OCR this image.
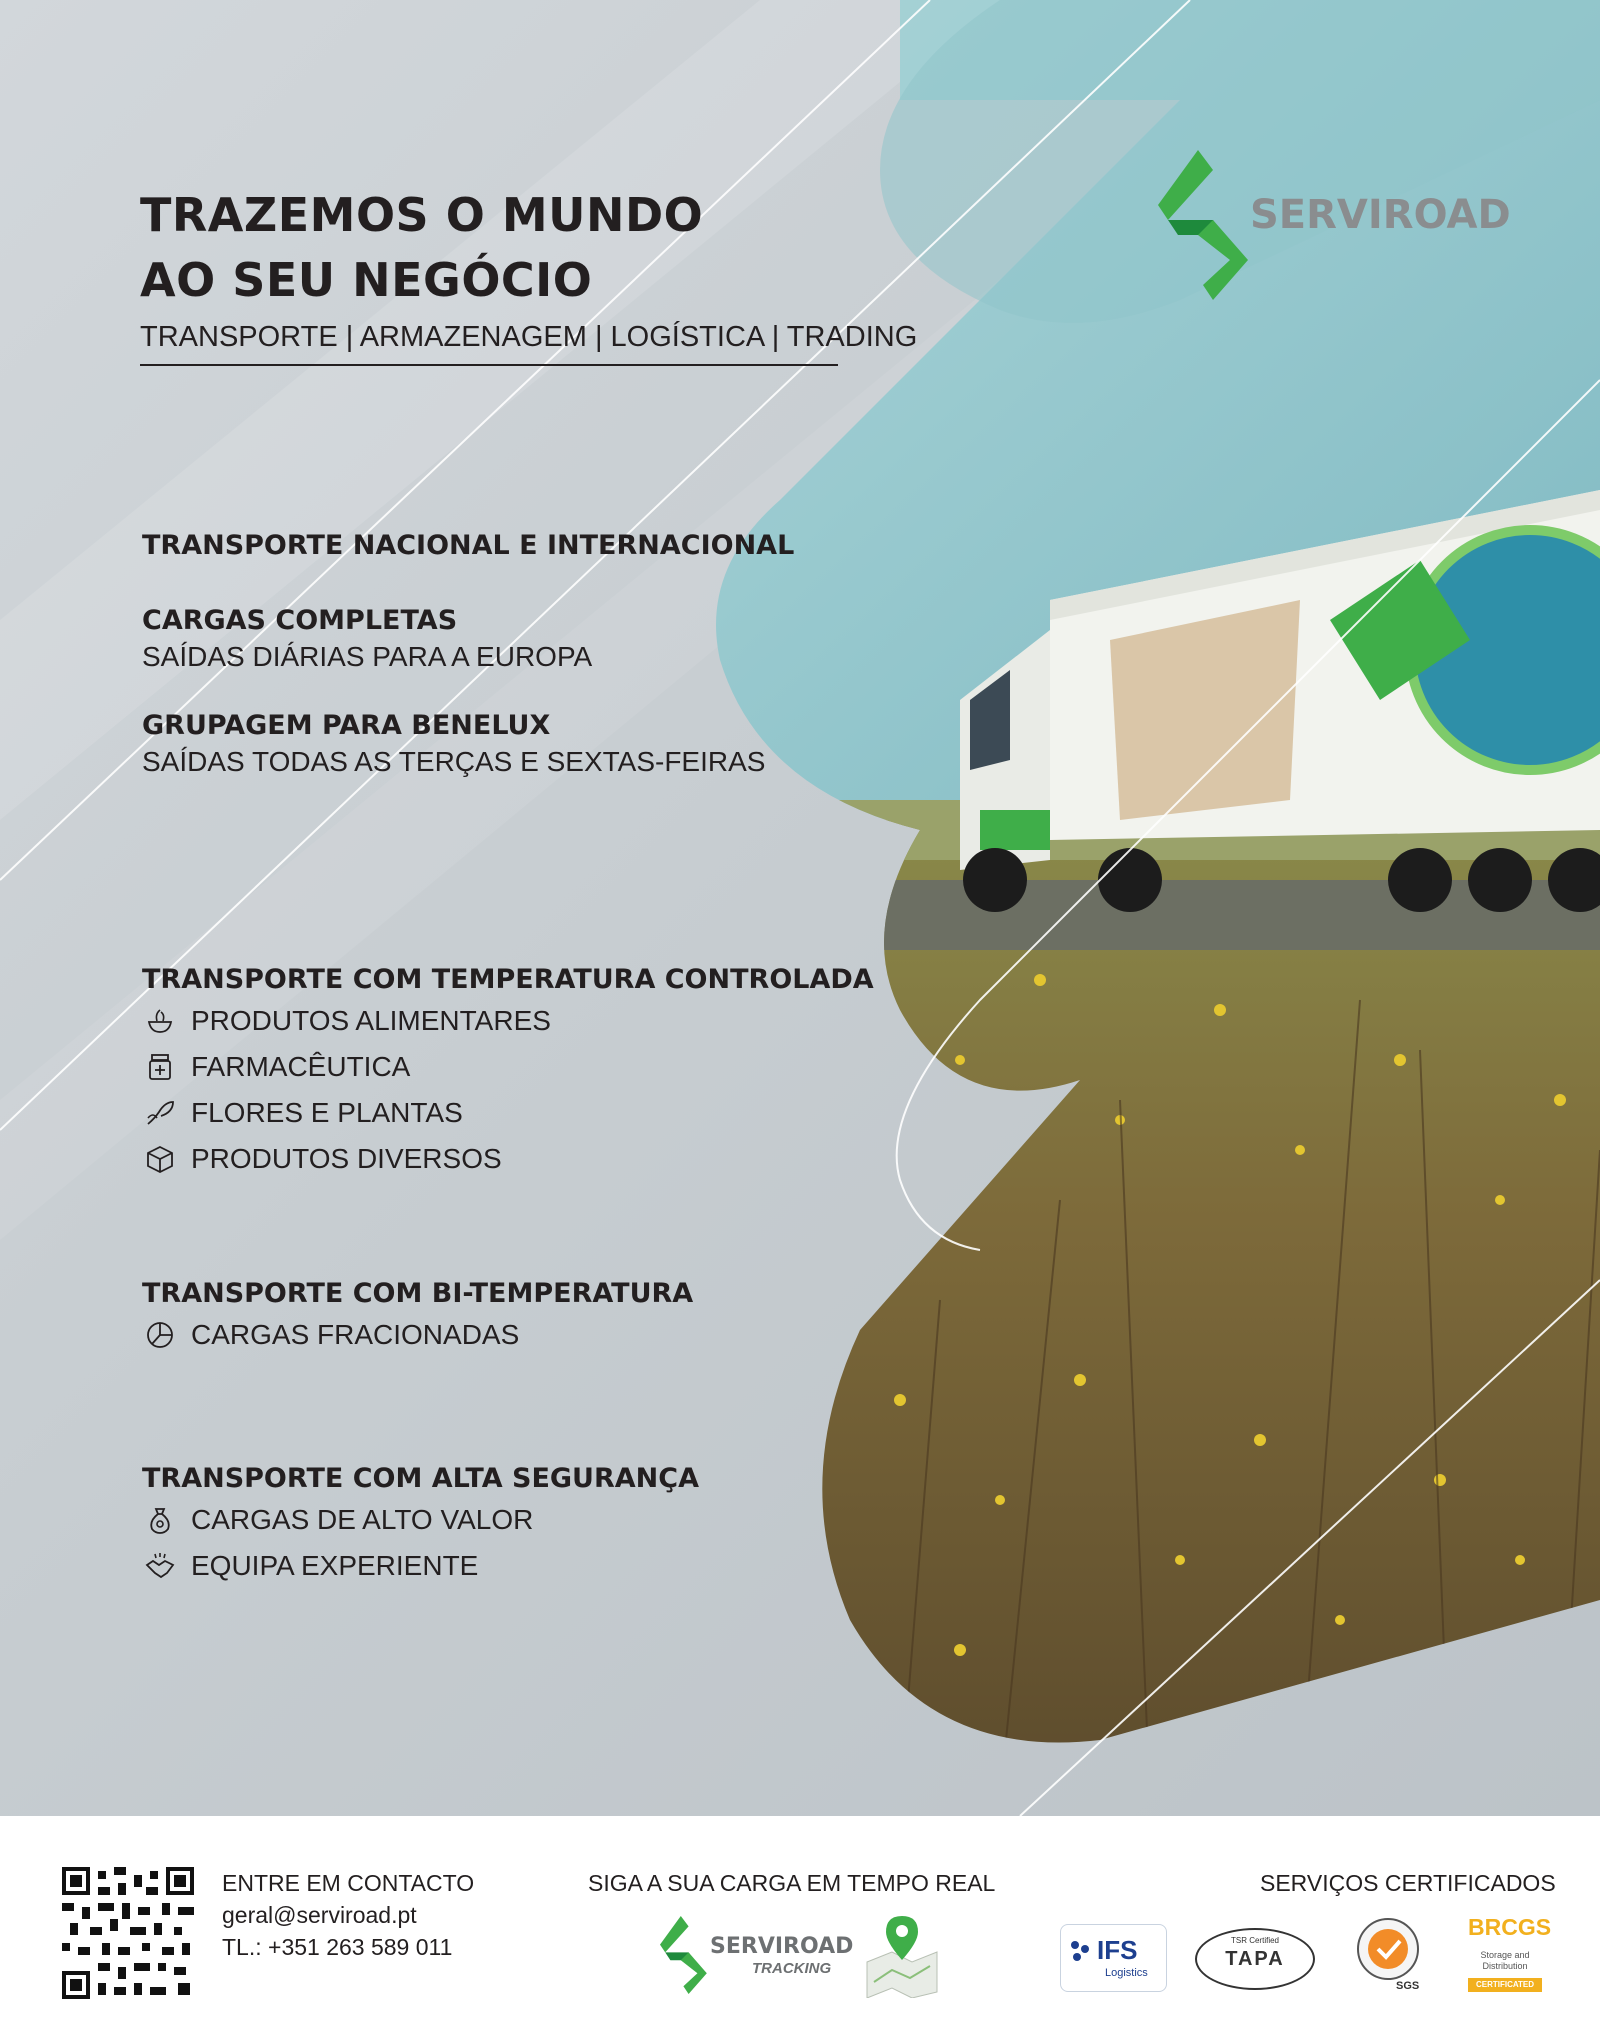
SERVIROAD
TRAZEMOS O MUNDO
AO SEU NEGÓCIO
TRANSPORTE | ARMAZENAGEM | LOGÍSTICA | TRADING
TRANSPORTE NACIONAL E INTERNACIONAL
CARGAS COMPLETAS
SAÍDAS DIÁRIAS PARA A EUROPA
GRUPAGEM PARA BENELUX
SAÍDAS TODAS AS TERÇAS E SEXTAS-FEIRAS
TRANSPORTE COM TEMPERATURA CONTROLADA
PRODUTOS ALIMENTARES
FARMACÊUTICA
FLORES E PLANTAS
PRODUTOS DIVERSOS
TRANSPORTE COM BI-TEMPERATURA
CARGAS FRACIONADAS
TRANSPORTE COM ALTA SEGURANÇA
CARGAS DE ALTO VALOR
EQUIPA EXPERIENTE
ENTRE EM CONTACTO
geral@serviroad.pt
TL.: +351 263 589 011
SIGA A SUA CARGA EM TEMPO REAL
SERVIROAD
TRACKING
SERVIÇOS CERTIFICADOS
IFS
Logistics
TSR Certified
TAPA
SGS
BRCGS
Storage and Distribution
CERTIFICATED
